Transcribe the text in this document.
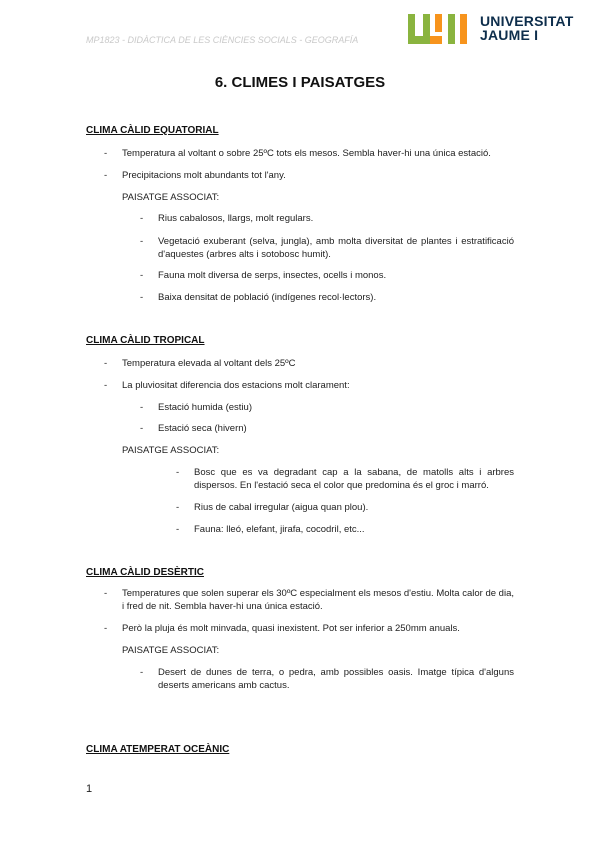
MP1823 - DIDÀCTICA DE LES CIÈNCIES SOCIALS - GEOGRAFÍA
UNIVERSITAT
JAUME I
6. CLIMES I PAISATGES
CLIMA CÀLID EQUATORIAL
- Temperatura al voltant o sobre 25ºC tots els mesos. Sembla haver-hi una única estació.
- Precipitacions molt abundants tot l'any.
PAISATGE ASSOCIAT:
- Rius cabalosos, llargs, molt regulars.
- Vegetació exuberant (selva, jungla), amb molta diversitat de plantes i estratificació d'aquestes (arbres alts i sotobosc humit).
- Fauna molt diversa de serps, insectes, ocells i monos.
- Baixa densitat de població (indígenes recol·lectors).
CLIMA CÀLID TROPICAL
- Temperatura elevada al voltant dels 25ºC
- La pluviositat diferencia dos estacions molt clarament:
- Estació humida (estiu)
- Estació seca (hivern)
PAISATGE ASSOCIAT:
- Bosc que es va degradant cap a la sabana, de matolls alts i arbres dispersos. En l'estació seca el color que predomina és el groc i marró.
- Rius de cabal irregular (aigua quan plou).
- Fauna: lleó, elefant, jirafa, cocodril, etc...
CLIMA CÀLID DESÈRTIC
- Temperatures que solen superar els 30ºC especialment els mesos d'estiu. Molta calor de dia, i fred de nit. Sembla haver-hi una única estació.
- Però la pluja és molt minvada, quasi inexistent. Pot ser inferior a 250mm anuals.
PAISATGE ASSOCIAT:
- Desert de dunes de terra, o pedra, amb possibles oasis. Imatge típica d'alguns deserts americans amb cactus.
CLIMA ATEMPERAT OCEÀNIC
1
